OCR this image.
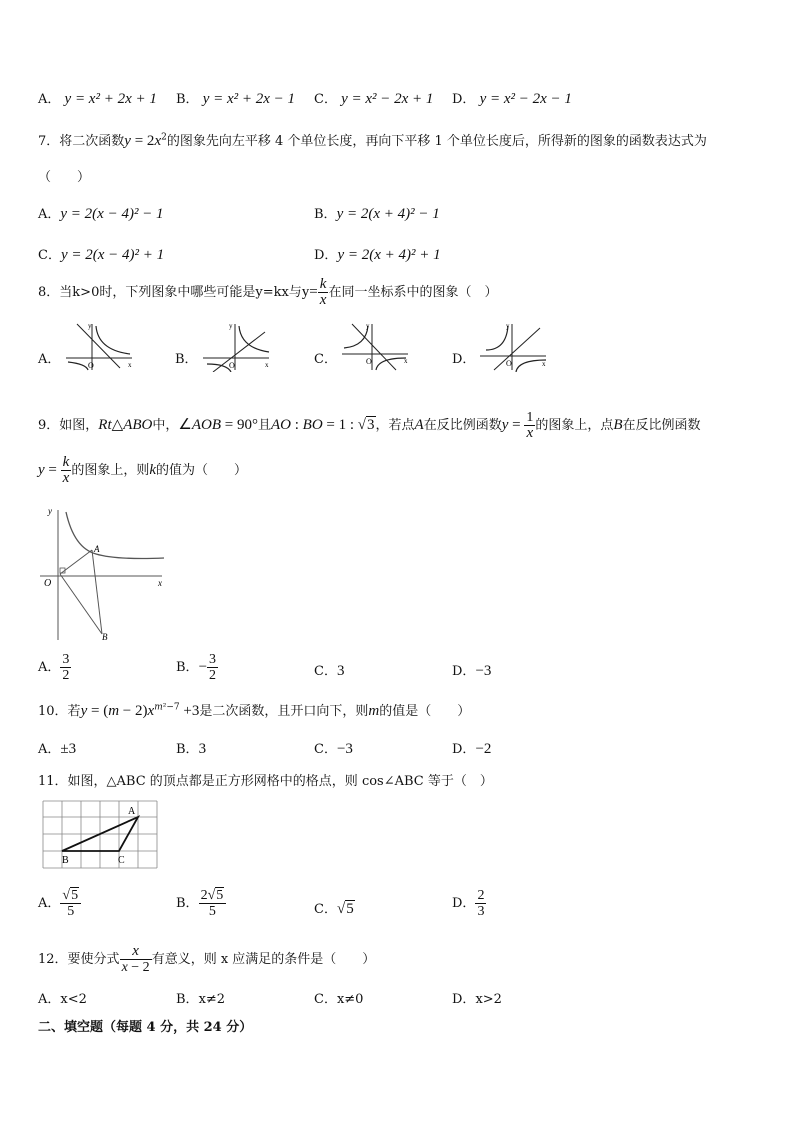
A． y = x² + 2x + 1 B． y = x² + 2x − 1 C． y = x² − 2x + 1 D． y = x² − 2x − 1
7．将二次函数$y = 2x^2$的图象先向左平移 4 个单位长度，再向下平移 1 个单位长度后，所得新的图象的函数表达式为
（　　）
A．y = 2(x − 4)² − 1	B．y = 2(x + 4)² − 1
C．y = 2(x − 4)² + 1	D．y = 2(x + 4)² + 1
8．当k>0时，下列图象中哪些可能是y=kx与$y= \frac{k}{x}$ 在同一坐标系中的图象（　）
A．	O	x
y
B．	O	x
y
C．	O	x
y
D．	O	x
y
9．如图，Rt△ABO中，∠AOB = 90°且AO : BO = 1 : √3，若点A在反比例函数$y = \frac{1}{x}$ 的图象上，点B在反比例函数
$y = \frac{k}{x}$ 的图象上，则k的值为（　　）
O
A
B
y
x
A． $\frac{3}{2}$	B．− $\frac{3}{2}$	C．3	D．−3
10．若$y = (m - 2)x^{m^2-7} +3$是二次函数，且开口向下，则m的值是（　　）
A．±3	B．3	C．−3	D．−2
11．如图，△ABC 的顶点都是正方形网格中的格点，则 cos∠ABC 等于（　）
A
B	C
A． $\frac{√5}{5}$	B． $\frac{2√5}{5}$	C．√5	D． $\frac{2}{3}$
12．要使分式 $\frac{x}{x - 2}$ 有意义，则 x 应满足的条件是（　　）
A．x<2	B．x≠2	C．x≠0	D．x>2
二、填空题（每题 4 分，共 24 分）
